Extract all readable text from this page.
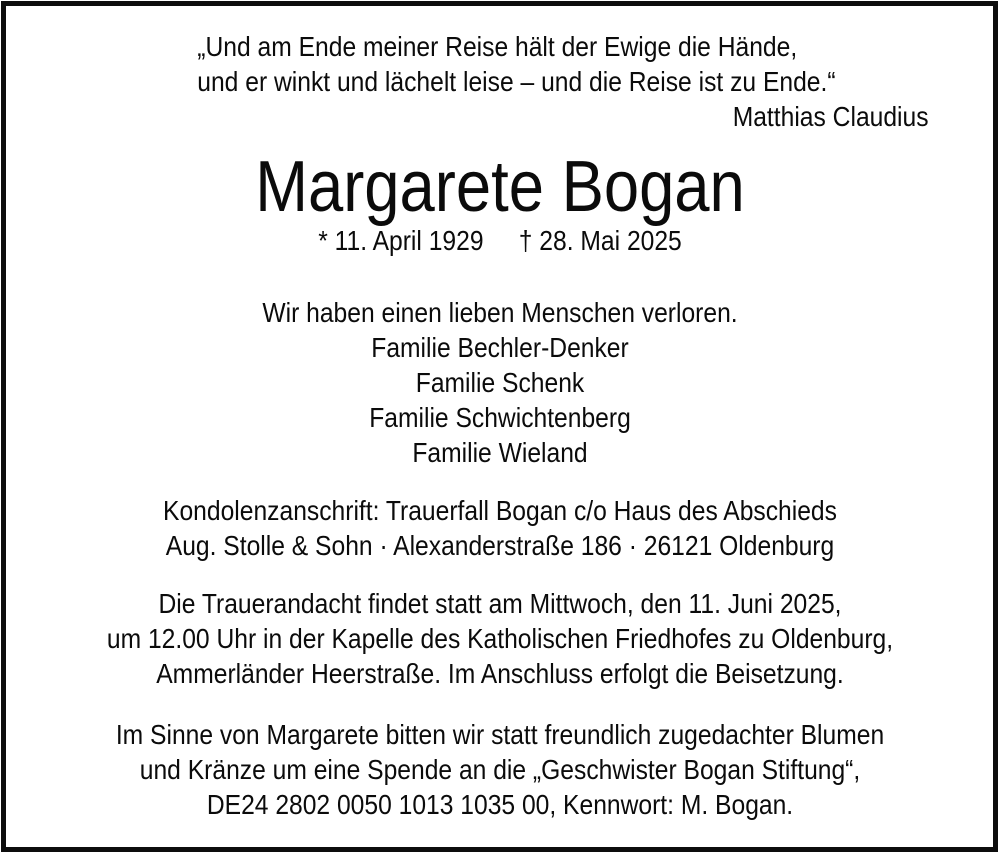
„Und am Ende meiner Reise hält der Ewige die Hände,
und er winkt und lächelt leise – und die Reise ist zu Ende.“
Matthias Claudius
Margarete Bogan
* 11. April 1929 † 28. Mai 2025
Wir haben einen lieben Menschen verloren.
Familie Bechler-Denker
Familie Schenk
Familie Schwichtenberg
Familie Wieland
Kondolenzanschrift: Trauerfall Bogan c/o Haus des Abschieds
Aug. Stolle & Sohn · Alexanderstraße 186 · 26121 Oldenburg
Die Trauerandacht findet statt am Mittwoch, den 11. Juni 2025,
um 12.00 Uhr in der Kapelle des Katholischen Friedhofes zu Oldenburg,
Ammerländer Heerstraße. Im Anschluss erfolgt die Beisetzung.
Im Sinne von Margarete bitten wir statt freundlich zugedachter Blumen
und Kränze um eine Spende an die „Geschwister Bogan Stiftung“,
DE24 2802 0050 1013 1035 00, Kennwort: M. Bogan.
